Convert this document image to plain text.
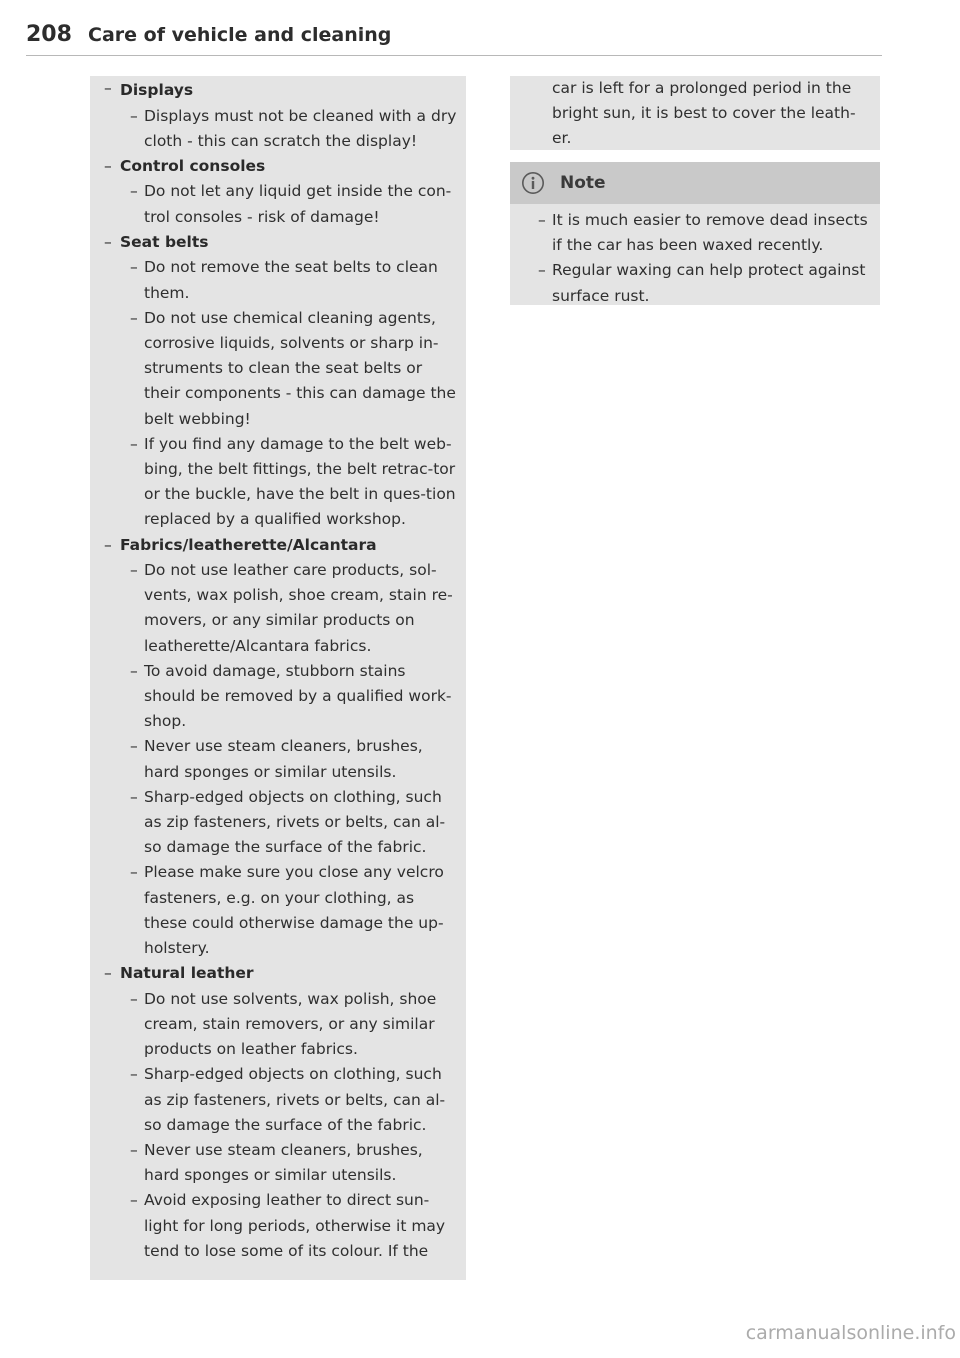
208 Care of vehicle and cleaning
– Displays
– Displays must not be cleaned with a dry cloth - this can scratch the display!
– Control consoles
– Do not let any liquid get inside the con-trol consoles - risk of damage!
– Seat belts
– Do not remove the seat belts to clean them.
– Do not use chemical cleaning agents, corrosive liquids, solvents or sharp in-struments to clean the seat belts or their components - this can damage the belt webbing!
– If you find any damage to the belt web-bing, the belt fittings, the belt retrac-tor or the buckle, have the belt in ques-tion replaced by a qualified workshop.
– Fabrics/leatherette/Alcantara
– Do not use leather care products, sol-vents, wax polish, shoe cream, stain re-movers, or any similar products on leatherette/Alcantara fabrics.
– To avoid damage, stubborn stains should be removed by a qualified work-shop.
– Never use steam cleaners, brushes, hard sponges or similar utensils.
– Sharp-edged objects on clothing, such as zip fasteners, rivets or belts, can al-so damage the surface of the fabric.
– Please make sure you close any velcro fasteners, e.g. on your clothing, as these could otherwise damage the up-holstery.
– Natural leather
– Do not use solvents, wax polish, shoe cream, stain removers, or any similar products on leather fabrics.
– Sharp-edged objects on clothing, such as zip fasteners, rivets or belts, can al-so damage the surface of the fabric.
– Never use steam cleaners, brushes, hard sponges or similar utensils.
– Avoid exposing leather to direct sun-light for long periods, otherwise it may tend to lose some of its colour. If the
car is left for a prolonged period in the bright sun, it is best to cover the leath-er.
Note
– It is much easier to remove dead insects if the car has been waxed recently.
– Regular waxing can help protect against surface rust.
carmanualsonline.info
